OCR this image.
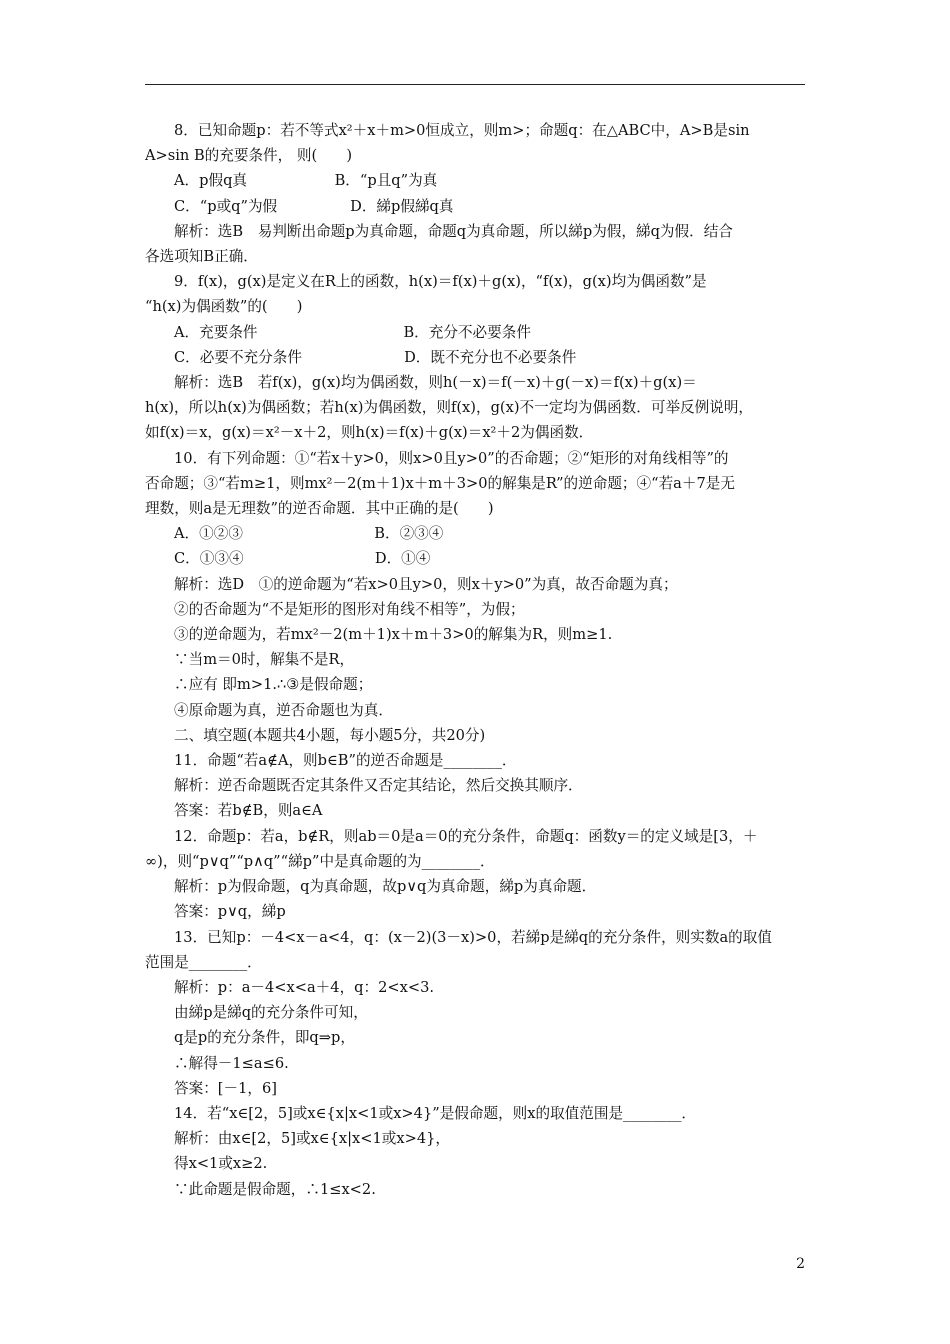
8．已知命题p：若不等式x²＋x＋m>0恒成立，则m>；命题q：在△ABC中，A>B是sin
A>sin B的充要条件， 则(　　)
A．p假q真　　　　　　B．“p且q”为真
C．“p或q”为假　　　　　D．綈p假綈q真
解析：选B　易判断出命题p为真命题，命题q为真命题，所以綈p为假，綈q为假．结合
各选项知B正确．
9．f(x)，g(x)是定义在R上的函数，h(x)＝f(x)＋g(x)，“f(x)，g(x)均为偶函数”是
“h(x)为偶函数”的(　　)
A．充要条件　　　　　　　　　　B．充分不必要条件
C．必要不充分条件　　　　　　　D．既不充分也不必要条件
解析：选B　若f(x)，g(x)均为偶函数，则h(－x)＝f(－x)＋g(－x)＝f(x)＋g(x)＝
h(x)，所以h(x)为偶函数；若h(x)为偶函数，则f(x)，g(x)不一定均为偶函数．可举反例说明，
如f(x)＝x，g(x)＝x²－x＋2，则h(x)＝f(x)＋g(x)＝x²＋2为偶函数．
10．有下列命题：①“若x＋y>0，则x>0且y>0”的否命题；②“矩形的对角线相等”的
否命题；③“若m≥1，则mx²－2(m＋1)x＋m＋3>0的解集是R”的逆命题；④“若a＋7是无
理数，则a是无理数”的逆否命题．其中正确的是(　　)
A．①②③　　　　　　　　　B．②③④
C．①③④　　　　　　　　　D．①④
解析：选D　①的逆命题为“若x>0且y>0，则x＋y>0”为真，故否命题为真；
②的否命题为“不是矩形的图形对角线不相等”，为假；
③的逆命题为，若mx²－2(m＋1)x＋m＋3>0的解集为R，则m≥1.
∵当m＝0时，解集不是R，
∴应有 即m>1.∴③是假命题；
④原命题为真，逆否命题也为真．
二、填空题(本题共4小题，每小题5分，共20分)
11．命题“若a∉A，则b∈B”的逆否命题是________．
解析：逆否命题既否定其条件又否定其结论，然后交换其顺序．
答案：若b∉B，则a∈A
12．命题p：若a，b∉R，则ab＝0是a＝0的充分条件，命题q：函数y＝的定义域是[3，＋
∞)，则“p∨q”“p∧q”“綈p”中是真命题的为________．
解析：p为假命题，q为真命题，故p∨q为真命题，綈p为真命题．
答案：p∨q，綈p
13．已知p：－4<x－a<4，q：(x－2)(3－x)>0，若綈p是綈q的充分条件，则实数a的取值
范围是________．
解析：p：a－4<x<a＋4，q：2<x<3.
由綈p是綈q的充分条件可知，
q是p的充分条件，即q⇒p，
∴解得－1≤a≤6.
答案：[－1，6]
14．若“x∈[2，5]或x∈{x|x<1或x>4}”是假命题，则x的取值范围是________．
解析：由x∈[2，5]或x∈{x|x<1或x>4}，
得x<1或x≥2.
∵此命题是假命题，∴1≤x<2.
2
